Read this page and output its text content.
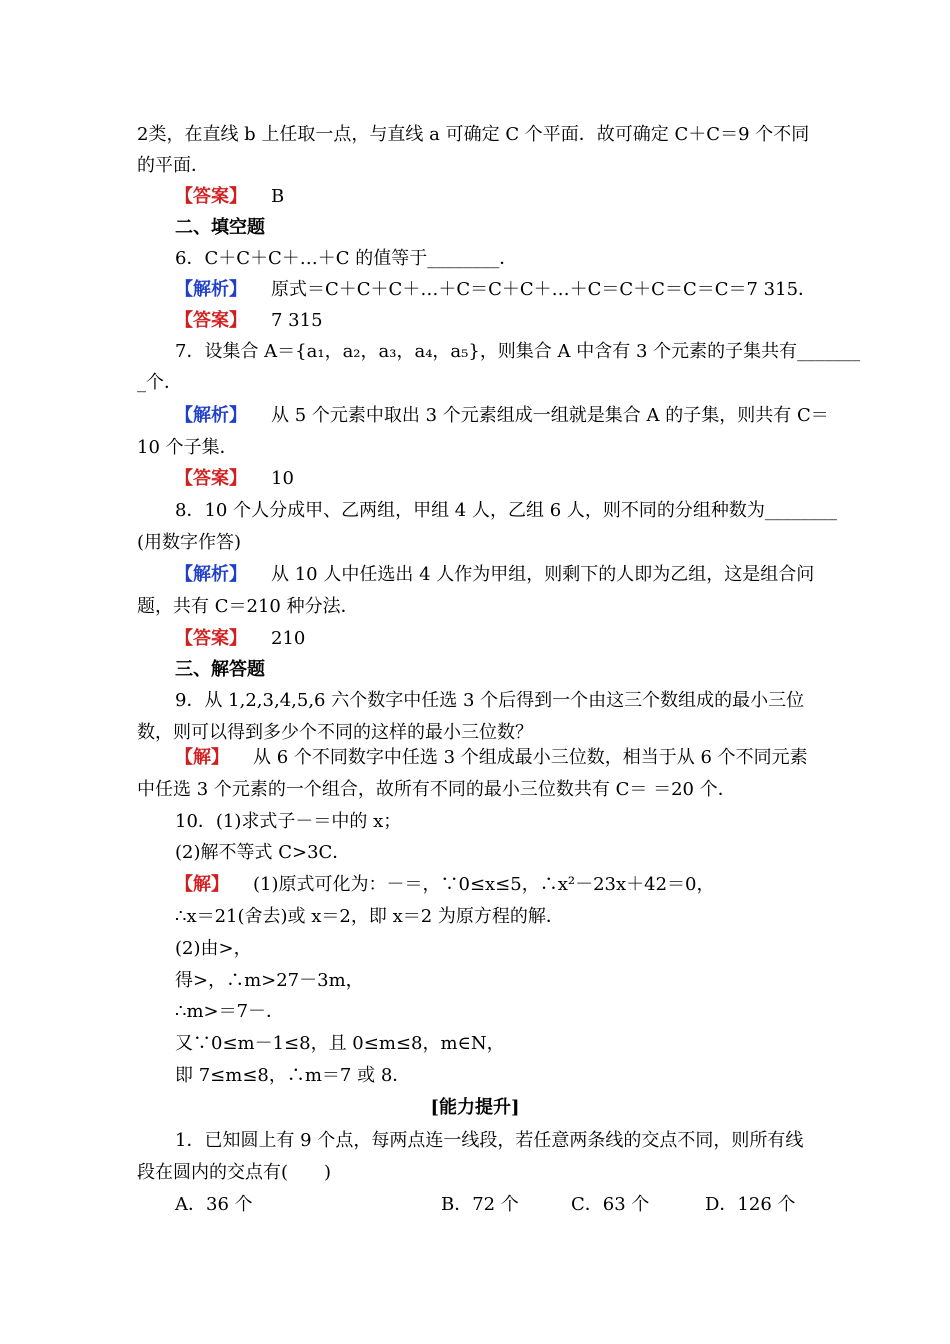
2类，在直线 b 上任取一点，与直线 a 可确定 C 个平面．故可确定 C＋C＝9 个不同
的平面．
【答案】 B
二、填空题
6．C＋C＋C＋…＋C 的值等于________．
【解析】 原式＝C＋C＋C＋…＋C＝C＋C＋…＋C＝C＋C＝C＝C＝7 315．
【答案】 7 315
7．设集合 A＝{a₁，a₂，a₃，a₄，a₅}，则集合 A 中含有 3 个元素的子集共有_______
_个．
【解析】 从 5 个元素中取出 3 个元素组成一组就是集合 A 的子集，则共有 C＝
10 个子集．
【答案】 10
8．10 个人分成甲、乙两组，甲组 4 人，乙组 6 人，则不同的分组种数为________
(用数字作答)
【解析】 从 10 人中任选出 4 人作为甲组，则剩下的人即为乙组，这是组合问
题，共有 C＝210 种分法．
【答案】 210
三、解答题
9．从 1,2,3,4,5,6 六个数字中任选 3 个后得到一个由这三个数组成的最小三位
数，则可以得到多少个不同的这样的最小三位数？
【解】 从 6 个不同数字中任选 3 个组成最小三位数，相当于从 6 个不同元素
中任选 3 个元素的一个组合，故所有不同的最小三位数共有 C＝ ＝20 个．
10．(1)求式子－＝中的 x；
(2)解不等式 C>3C．
【解】 (1)原式可化为：－＝，∵0≤x≤5，∴x²－23x＋42＝0，
∴x＝21(舍去)或 x＝2，即 x＝2 为原方程的解．
(2)由>，
得>，∴m>27－3m，
∴m>＝7－．
又∵0≤m－1≤8，且 0≤m≤8，m∈N，
即 7≤m≤8，∴m＝7 或 8．
[能力提升]
1．已知圆上有 9 个点，每两点连一线段，若任意两条线的交点不同，则所有线
段在圆内的交点有(　　)
A．36 个	B．72 个	C．63 个	D．126 个
